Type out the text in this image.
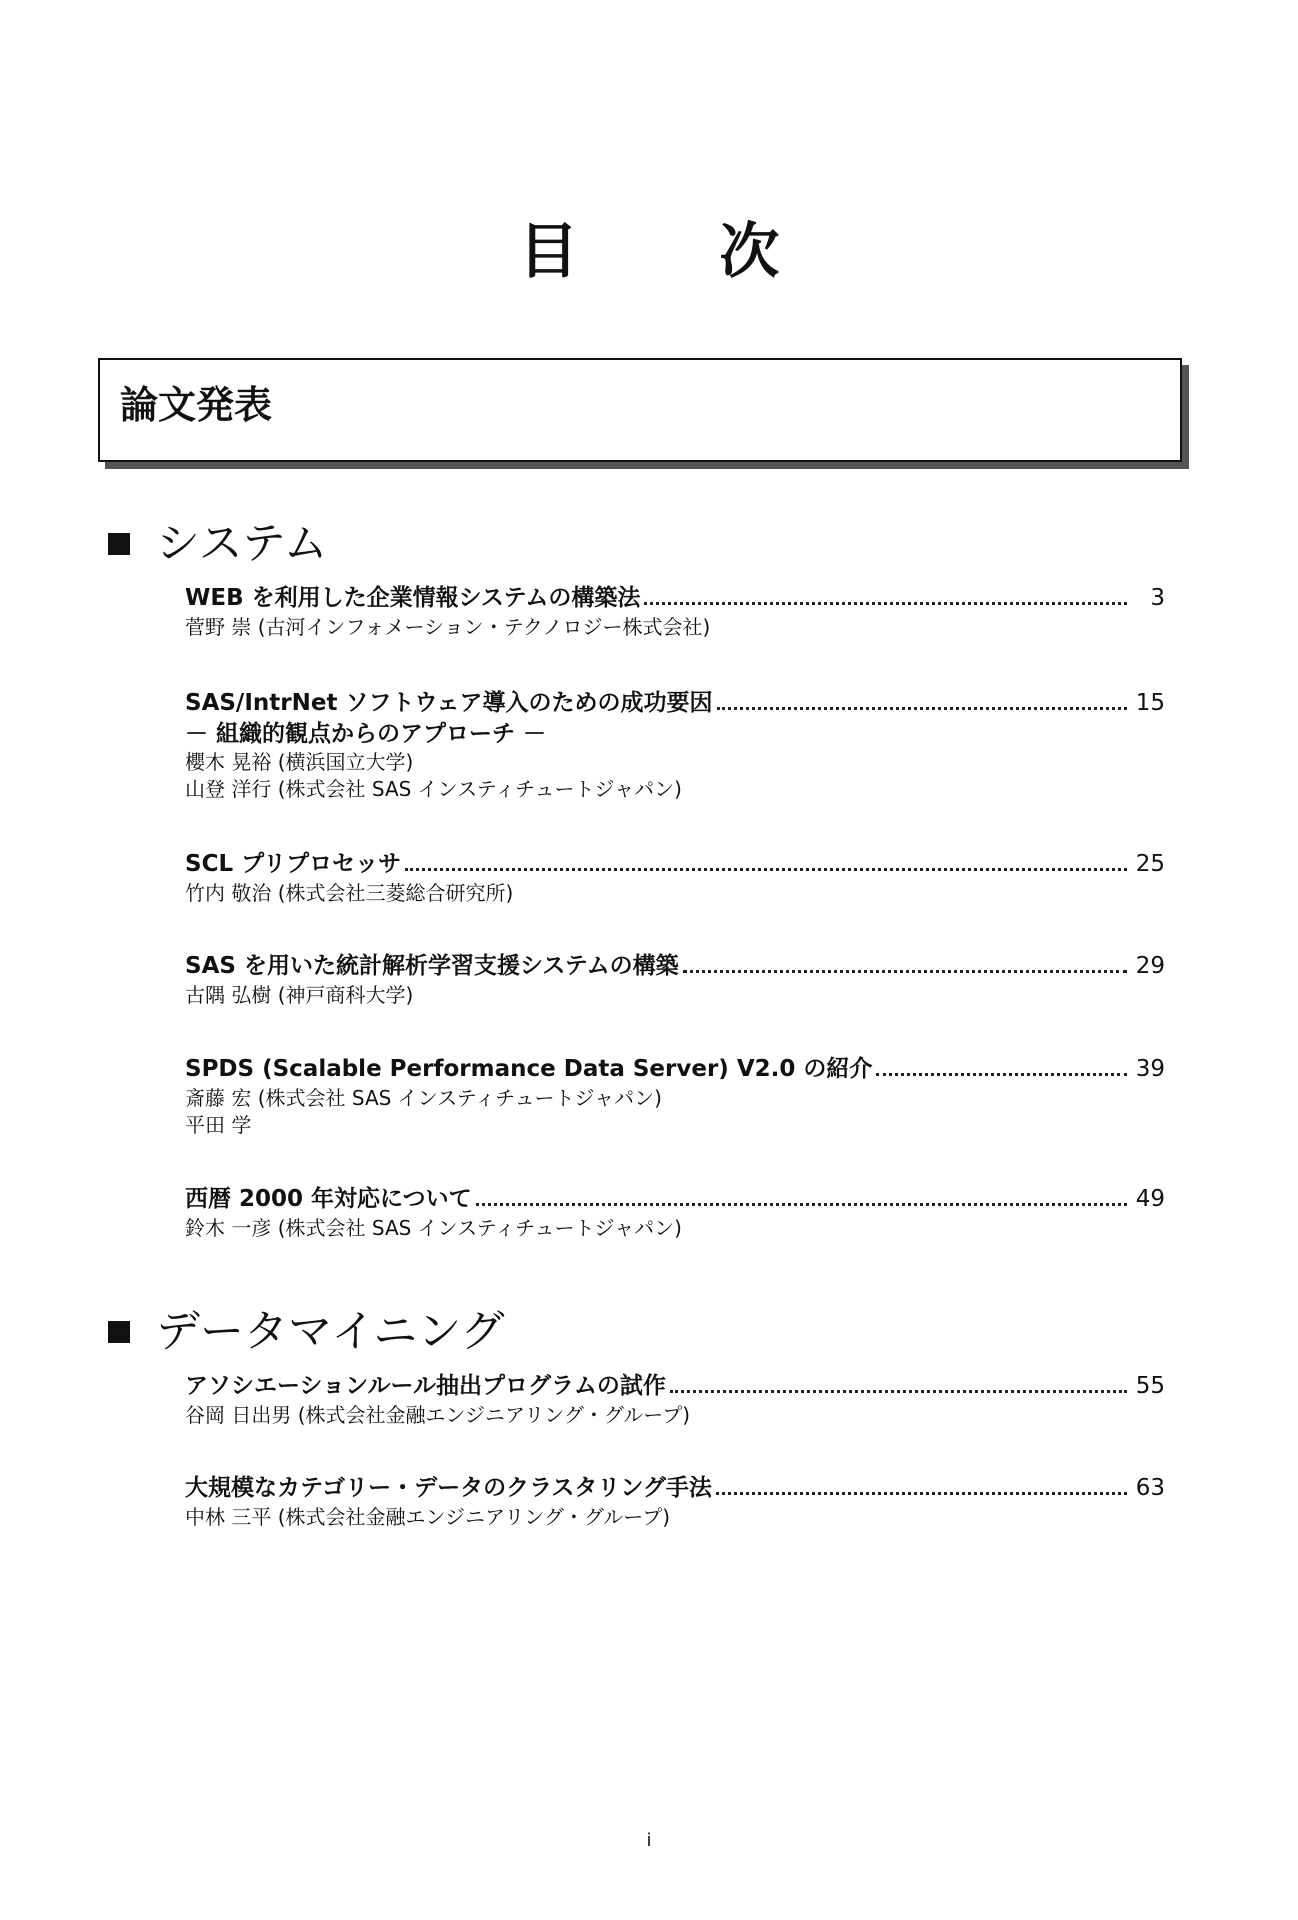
目 次
論文発表
システム
WEB を利用した企業情報システムの構築法	3
菅野 崇 (古河インフォメーション・テクノロジー株式会社)
SAS/IntrNet ソフトウェア導入のための成功要因	15
－ 組織的観点からのアプローチ －
櫻木 晃裕 (横浜国立大学)
山登 洋行 (株式会社 SAS インスティチュートジャパン)
SCL プリプロセッサ	25
竹内 敬治 (株式会社三菱総合研究所)
SAS を用いた統計解析学習支援システムの構築	29
古隅 弘樹 (神戸商科大学)
SPDS (Scalable Performance Data Server) V2.0 の紹介	39
斎藤 宏 (株式会社 SAS インスティチュートジャパン)
平田 学
西暦 2000 年対応について	49
鈴木 一彦 (株式会社 SAS インスティチュートジャパン)
データマイニング
アソシエーションルール抽出プログラムの試作	55
谷岡 日出男 (株式会社金融エンジニアリング・グループ)
大規模なカテゴリー・データのクラスタリング手法	63
中林 三平 (株式会社金融エンジニアリング・グループ)
i
